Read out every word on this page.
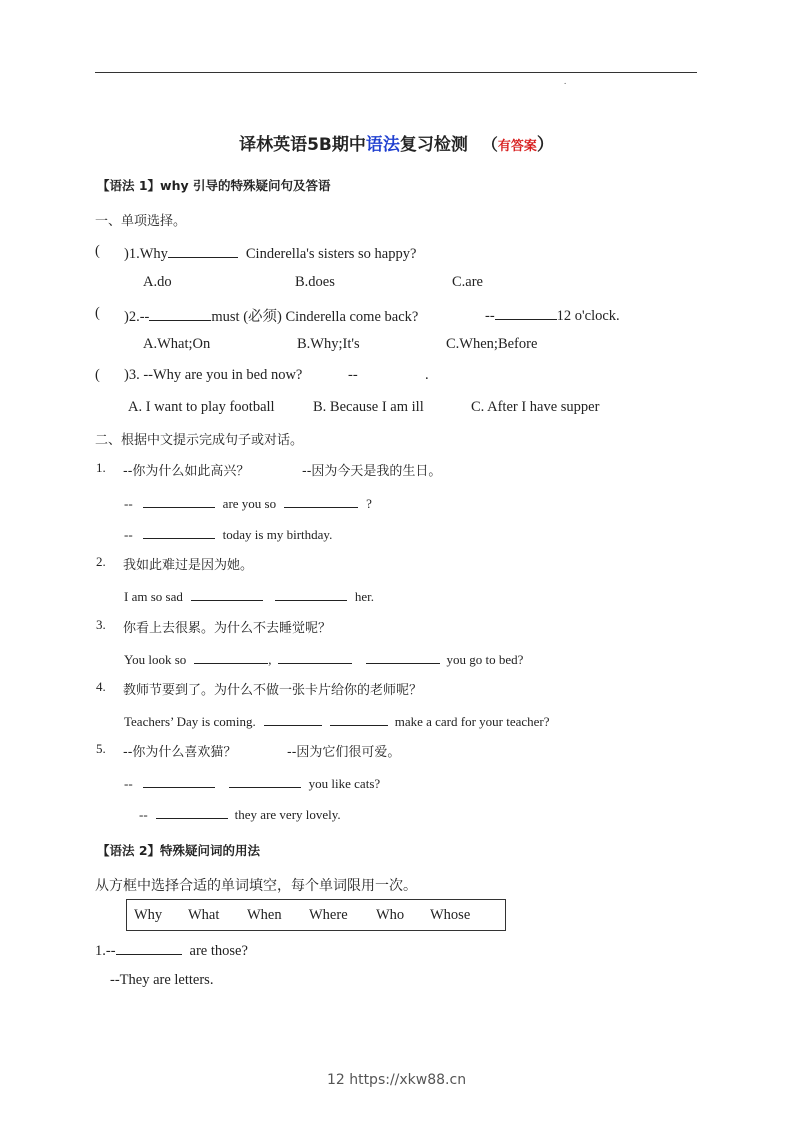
.
译林英语5B期中语法复习检测 （有答案）
【语法 1】why 引导的特殊疑问句及答语
一、单项选择。
( )1.Why	Cinderella's sisters so happy?
A.do	B.does	C.are
( )2.--	must (必须) Cinderella come back?	--	12 o'clock.
A.What;On	B.Why;It's	C.When;Before
( )3. --Why are you in bed now?	--	.
A. I want to play football	B. Because I am ill	C. After I have supper
二、根据中文提示完成句子或对话。
1. --你为什么如此高兴？	--因为今天是我的生日。
--	are you so	?
--	today is my birthday.
2. 我如此难过是因为她。
I am so sad	her.
3. 你看上去很累。为什么不去睡觉呢？
You look so	,	you go to bed?
4. 教师节要到了。为什么不做一张卡片给你的老师呢？
Teachers’ Day is coming.	make a card for your teacher?
5. --你为什么喜欢猫？	--因为它们很可爱。
--	you like cats?
--	they are very lovely.
【语法 2】特殊疑问词的用法
从方框中选择合适的单词填空，每个单词限用一次。
Why What When Where Who Whose
1.--	are those?
--They are letters.
12 https://xkw88.cn
